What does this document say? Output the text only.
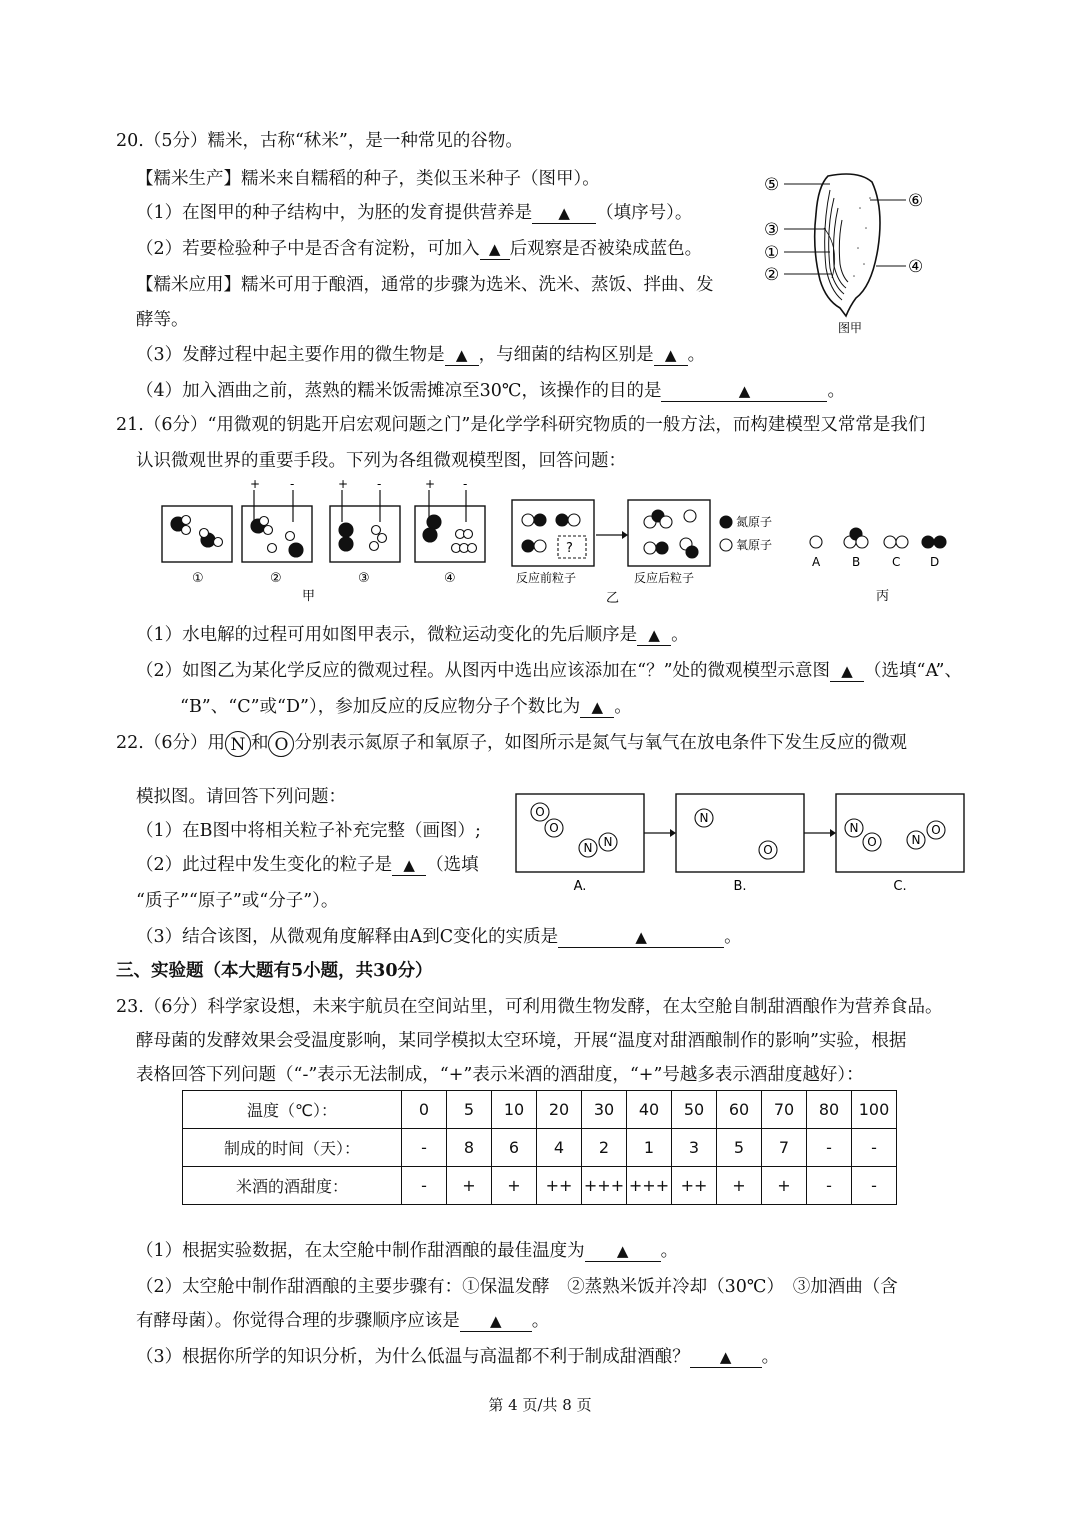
20.（5分）糯米，古称“秫米”，是一种常见的谷物。
【糯米生产】糯米来自糯稻的种子，类似玉米种子（图甲）。
（1）在图甲的种子结构中，为胚的发育提供营养是 ▲ （填序号）。
（2）若要检验种子中是否含有淀粉，可加入 ▲ 后观察是否被染成蓝色。
【糯米应用】糯米可用于酿酒，通常的步骤为选米、洗米、蒸饭、拌曲、发
酵等。
（3）发酵过程中起主要作用的微生物是 ▲ ，与细菌的结构区别是 ▲ 。
（4）加入酒曲之前，蒸熟的糯米饭需摊凉至30℃，该操作的目的是	▲	。
⑤
③
①
②
⑥
④
图甲
21.（6分）“用微观的钥匙开启宏观问题之门”是化学学科研究物质的一般方法，而构建模型又常常是我们
认识微观世界的重要手段。下列为各组微观模型图，回答问题：
+ -	+ -	+ -
①	②	③	④
甲
?
氮原子
氧原子
反应前粒子	反应后粒子
乙
A	B	C D
丙
（1）水电解的过程可用如图甲表示，微粒运动变化的先后顺序是 ▲ 。
（2）如图乙为某化学反应的微观过程。从图丙中选出应该添加在“？”处的微观模型示意图 ▲ （选填“A”、
“B”、“C”或“D”），参加反应的反应物分子个数比为 ▲ 。
22.（6分）用 N 和 O 分别表示氮原子和氧原子，如图所示是氮气与氧气在放电条件下发生反应的微观
模拟图。请回答下列问题：
（1）在B图中将相关粒子补充完整（画图）;
（2）此过程中发生变化的粒子是 ▲ （选填
“质子”“原子”或“分子”）。
（3）结合该图，从微观角度解释由A到C变化的实质是	▲	。
O
O
N N
N
O
N
O	N
O
A.	B.	C.
三、实验题（本大题有5小题，共30分）
23.（6分）科学家设想，未来宇航员在空间站里，可利用微生物发酵，在太空舱自制甜酒酿作为营养食品。
酵母菌的发酵效果会受温度影响，某同学模拟太空环境，开展“温度对甜酒酿制作的影响”实验，根据
表格回答下列问题（“-”表示无法制成，“+”表示米酒的酒甜度，“+”号越多表示酒甜度越好）：
温度（℃）：	0	5	10	20	30	40	50	60	70	80	100
制成的时间（天）：	-	8	6	4	2	1	3	5	7	-	-
米酒的酒甜度：	-	+	+	++	+++	+++	++	+	+	-	-
（1）根据实验数据，在太空舱中制作甜酒酿的最佳温度为 ▲ 。
（2）太空舱中制作甜酒酿的主要步骤有：①保温发酵　②蒸熟米饭并冷却（30℃）　③加酒曲（含
有酵母菌）。你觉得合理的步骤顺序应该是 ▲ 。
（3）根据你所学的知识分析，为什么低温与高温都不利于制成甜酒酿？ ▲ 。
第 4 页/共 8 页
